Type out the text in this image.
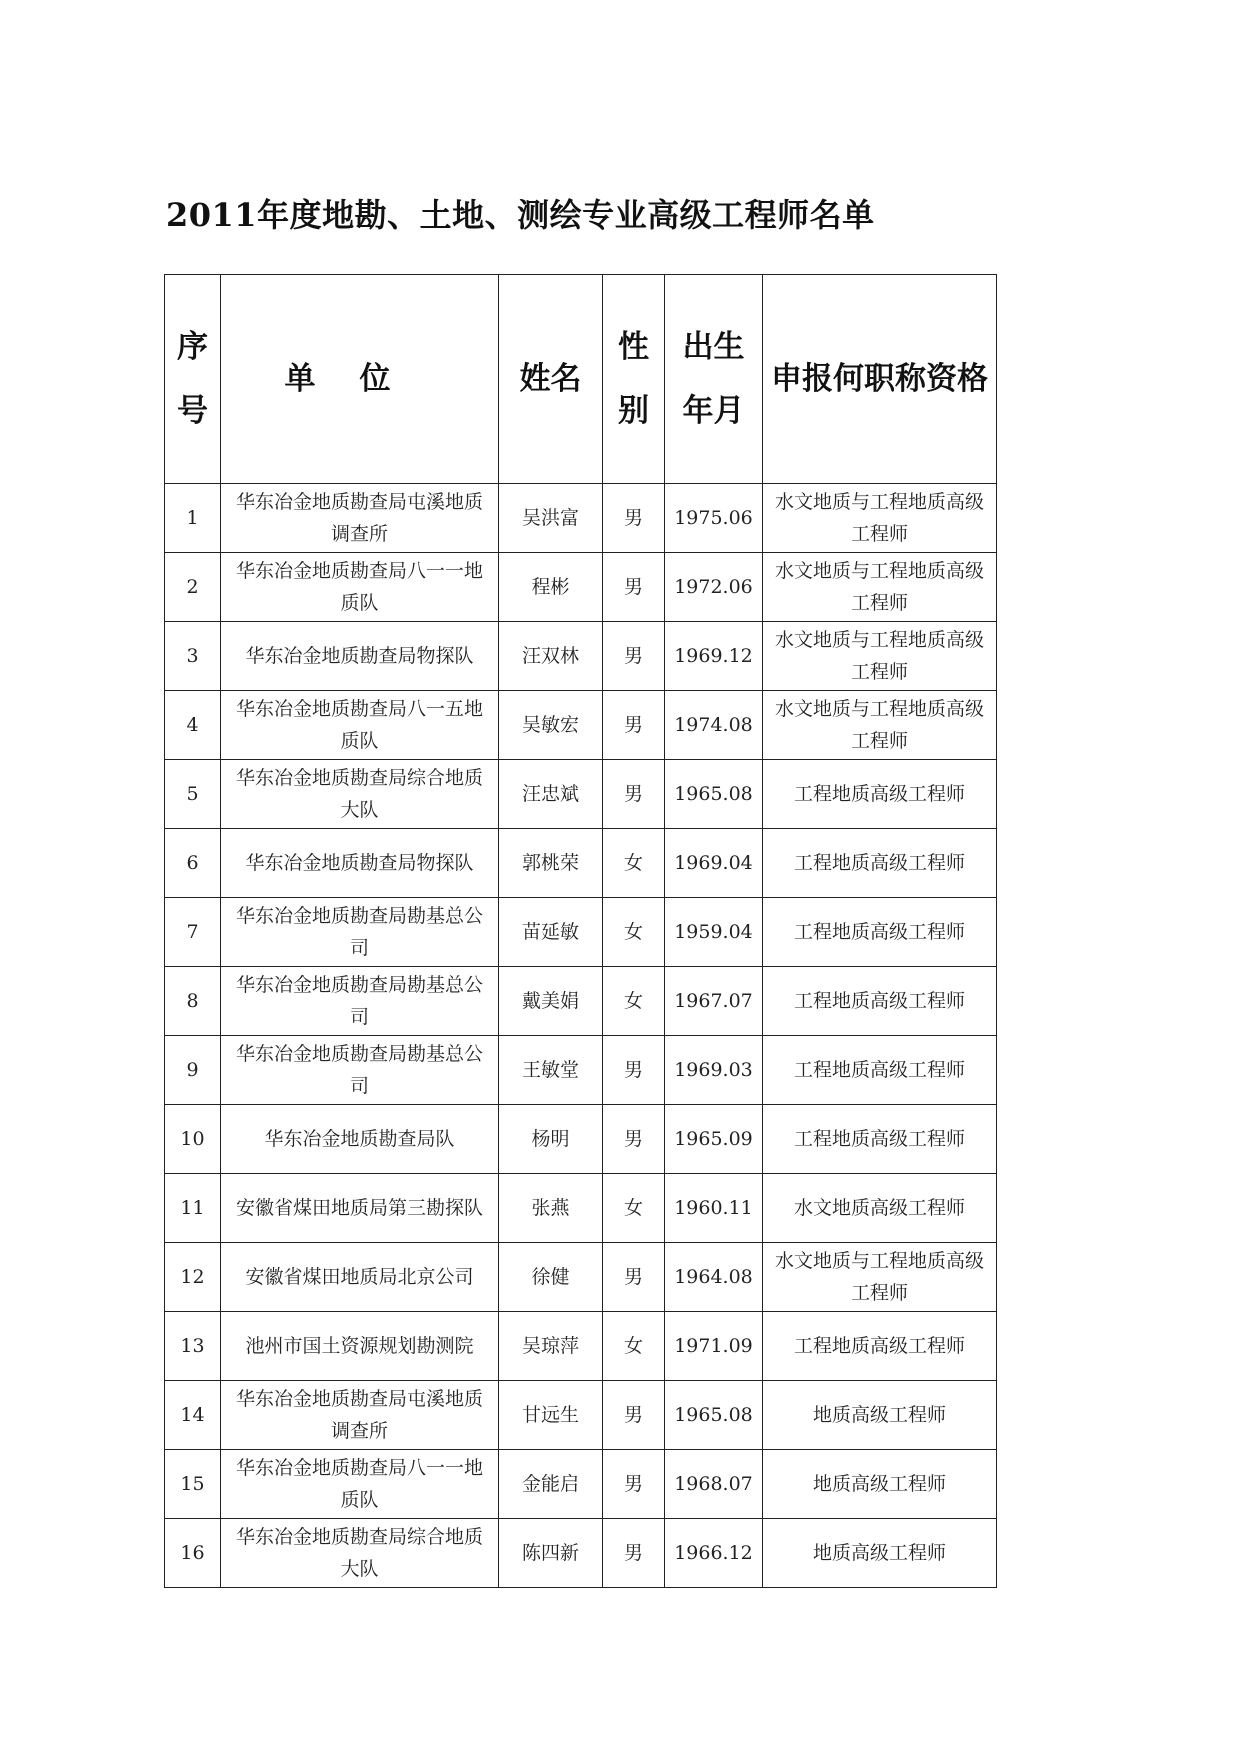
2011年度地勘、土地、测绘专业高级工程师名单
序号	单位	姓名	性别	出生年月	申报何职称资格
1	华东冶金地质勘查局屯溪地质调查所	吴洪富	男	1975.06	水文地质与工程地质高级工程师
2	华东冶金地质勘查局八一一地质队	程彬	男	1972.06	水文地质与工程地质高级工程师
3	华东冶金地质勘查局物探队	汪双林	男	1969.12	水文地质与工程地质高级工程师
4	华东冶金地质勘查局八一五地质队	吴敏宏	男	1974.08	水文地质与工程地质高级工程师
5	华东冶金地质勘查局综合地质大队	汪忠斌	男	1965.08	工程地质高级工程师
6	华东冶金地质勘查局物探队	郭桃荣	女	1969.04	工程地质高级工程师
7	华东冶金地质勘查局勘基总公司	苗延敏	女	1959.04	工程地质高级工程师
8	华东冶金地质勘查局勘基总公司	戴美娟	女	1967.07	工程地质高级工程师
9	华东冶金地质勘查局勘基总公司	王敏堂	男	1969.03	工程地质高级工程师
10	华东冶金地质勘查局队	杨明	男	1965.09	工程地质高级工程师
11	安徽省煤田地质局第三勘探队	张燕	女	1960.11	水文地质高级工程师
12	安徽省煤田地质局北京公司	徐健	男	1964.08	水文地质与工程地质高级工程师
13	池州市国土资源规划勘测院	吴琼萍	女	1971.09	工程地质高级工程师
14	华东冶金地质勘查局屯溪地质调查所	甘远生	男	1965.08	地质高级工程师
15	华东冶金地质勘查局八一一地质队	金能启	男	1968.07	地质高级工程师
16	华东冶金地质勘查局综合地质大队	陈四新	男	1966.12	地质高级工程师
